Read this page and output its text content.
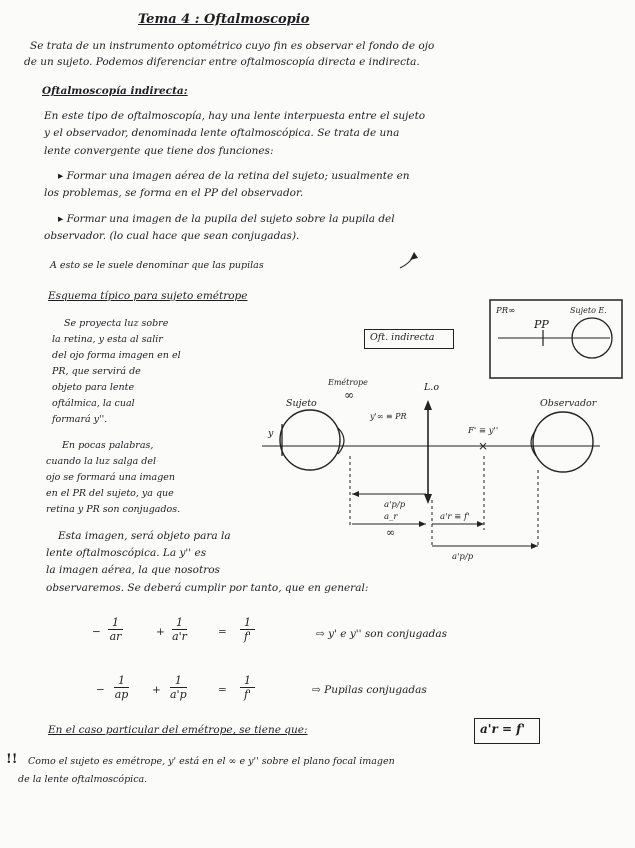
Tema 4 : Oftalmoscopio
Se trata de un instrumento optométrico cuyo fin es observar el fondo de ojo
de un sujeto. Podemos diferenciar entre oftalmoscopía directa e indirecta.
Oftalmoscopía indirecta:
En este tipo de oftalmoscopía, hay una lente interpuesta entre el sujeto
y el observador, denominada lente oftalmoscópica. Se trata de una
lente convergente que tiene dos funciones:
▸ Formar una imagen aérea de la retina del sujeto; usualmente en
los problemas, se forma en el PP del observador.
▸ Formar una imagen de la pupila del sujeto sobre la pupila del
observador. (lo cual hace que sean conjugadas).
A esto se le suele denominar que las pupilas
Esquema típico para sujeto emétrope
Se proyecta luz sobre
la retina, y esta al salir
del ojo forma imagen en el
PR, que servirá de
objeto para lente
oftálmica, la cual
formará y''.
En pocas palabras,
cuando la luz salga del
ojo se formará una imagen
en el PR del sujeto, ya que
retina y PR son conjugados.
Esta imagen, será objeto para la
lente oftalmoscópica. La y'' es
la imagen aérea, la que nosotros
observaremos. Se deberá cumplir por tanto, que en general:
×
Oft. indirecta
Emétrope
∞
L.o
Sujeto	Observador
y
y'∞ ≡ PR
F' ≡ y''
a'p/p
a_r	a'r ≡ f'
∞
a'p/p
PR∞
PP
Sujeto E.
− $\frac{1}{ar}$	+ $\frac{1}{a'r}$	= $\frac{1}{f'}$	⇨ y' e y'' son conjugadas
− $\frac{1}{ap} + \frac{1}{a'p}$	= $\frac{1}{f'}$	⇨ Pupilas conjugadas
En el caso particular del emétrope, se tiene que:	a'r = f'
!! Como el sujeto es emétrope, y' está en el ∞ e y'' sobre el plano focal imagen
de la lente oftalmoscópica.
